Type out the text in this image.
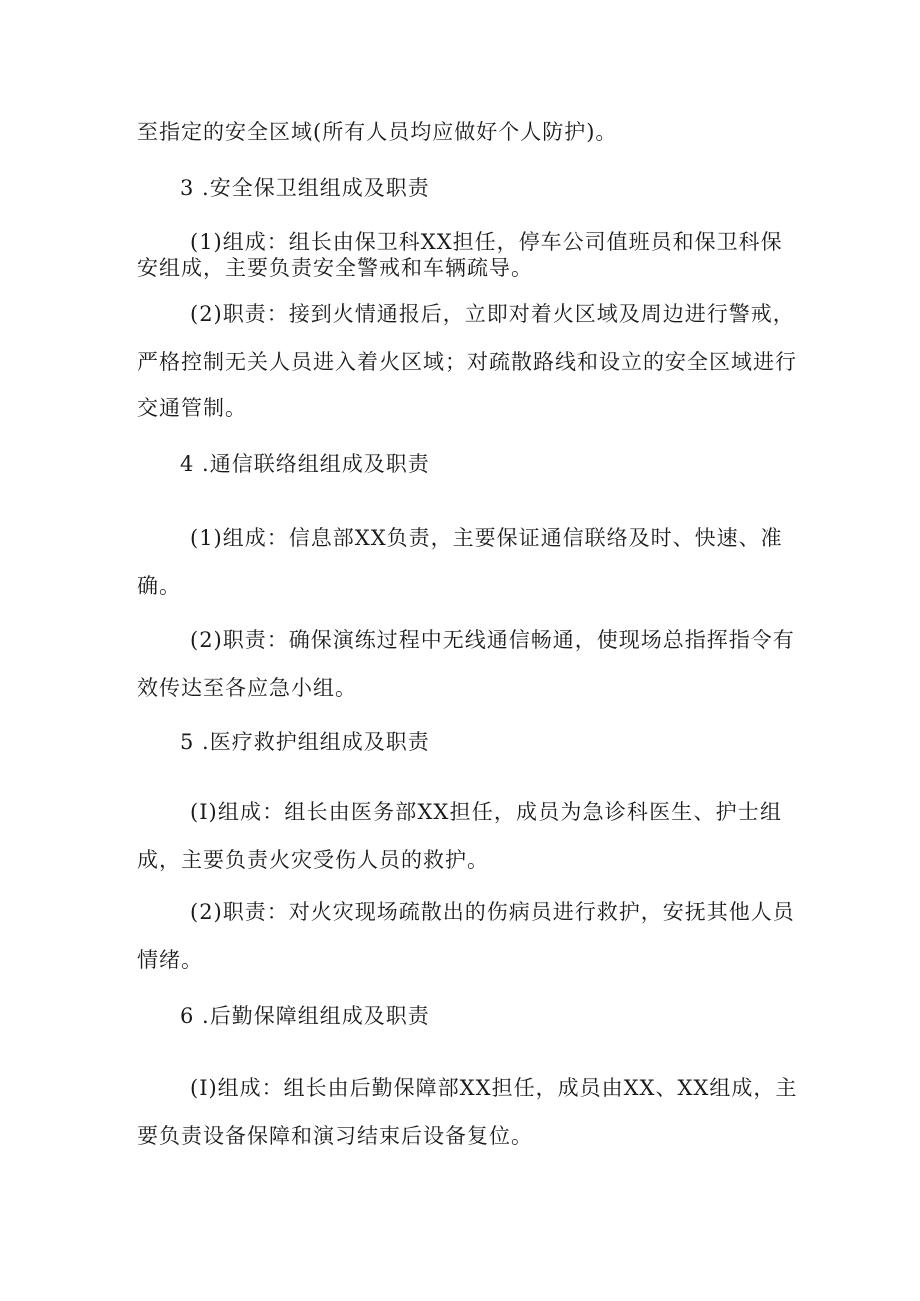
至指定的安全区域(所有人员均应做好个人防护)。
3 .安全保卫组组成及职责
(1)组成：组长由保卫科XX担任，停车公司值班员和保卫科保
安组成，主要负责安全警戒和车辆疏导。
(2)职责：接到火情通报后，立即对着火区域及周边进行警戒，
严格控制无关人员进入着火区域；对疏散路线和设立的安全区域进行
交通管制。
4 .通信联络组组成及职责
(1)组成：信息部XX负责，主要保证通信联络及时、快速、准
确。
(2)职责：确保演练过程中无线通信畅通，使现场总指挥指令有
效传达至各应急小组。
5 .医疗救护组组成及职责
(I)组成：组长由医务部XX担任，成员为急诊科医生、护士组
成，主要负责火灾受伤人员的救护。
(2)职责：对火灾现场疏散出的伤病员进行救护，安抚其他人员
情绪。
6 .后勤保障组组成及职责
(I)组成：组长由后勤保障部XX担任，成员由XX、XX组成，主
要负责设备保障和演习结束后设备复位。
